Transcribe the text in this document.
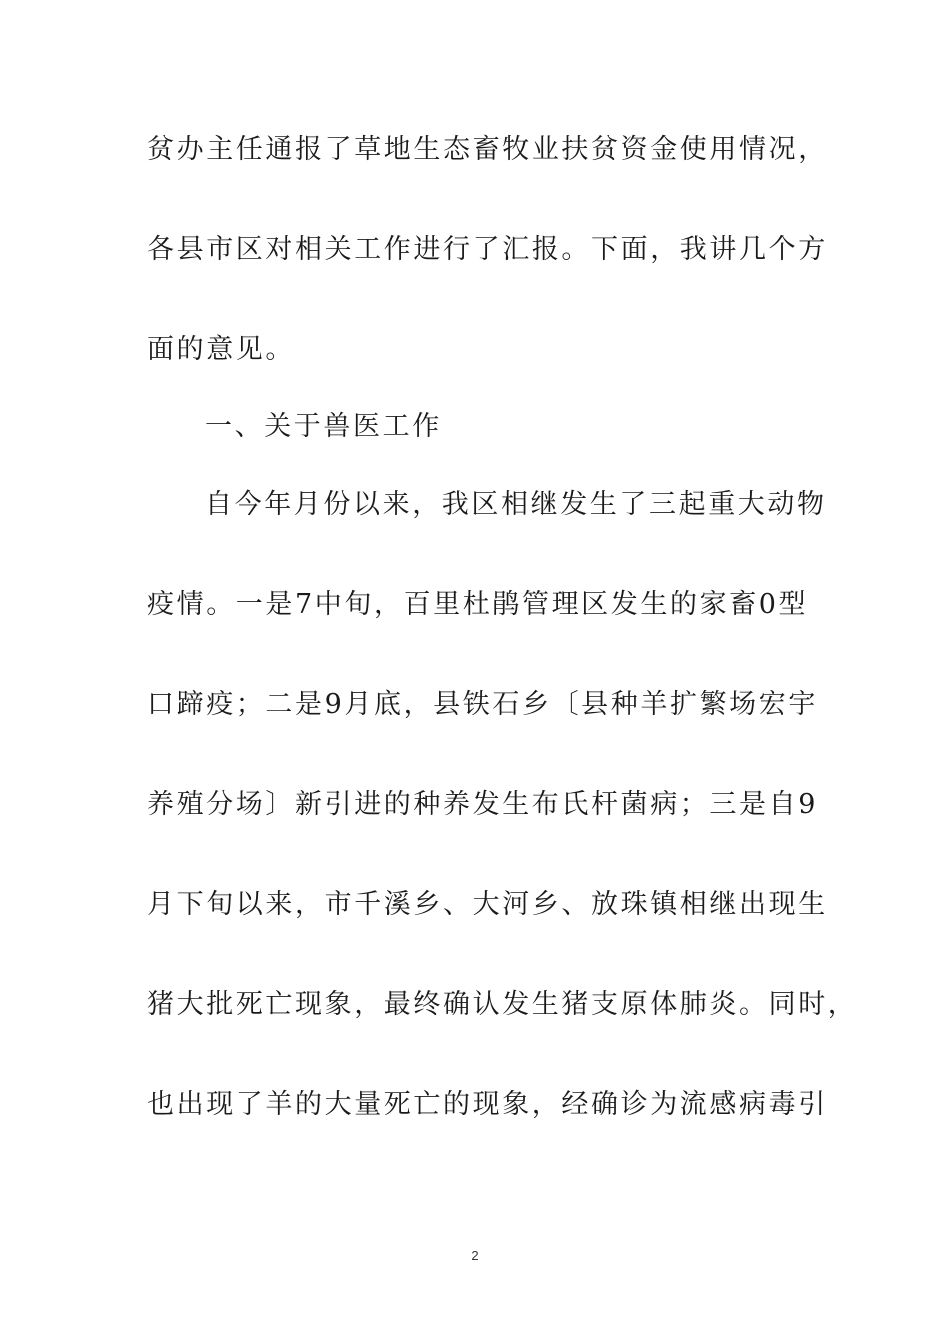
贫办主任通报了草地生态畜牧业扶贫资金使用情况，
各县市区对相关工作进行了汇报。下面，我讲几个方
面的意见。
一、关于兽医工作
自今年月份以来，我区相继发生了三起重大动物
疫情。一是7中旬，百里杜鹃管理区发生的家畜0型
口蹄疫；二是9月底，县铁石乡〔县种羊扩繁场宏宇
养殖分场〕新引进的种养发生布氏杆菌病；三是自9
月下旬以来，市千溪乡、大河乡、放珠镇相继出现生
猪大批死亡现象，最终确认发生猪支原体肺炎。同时，
也出现了羊的大量死亡的现象，经确诊为流感病毒引
2
